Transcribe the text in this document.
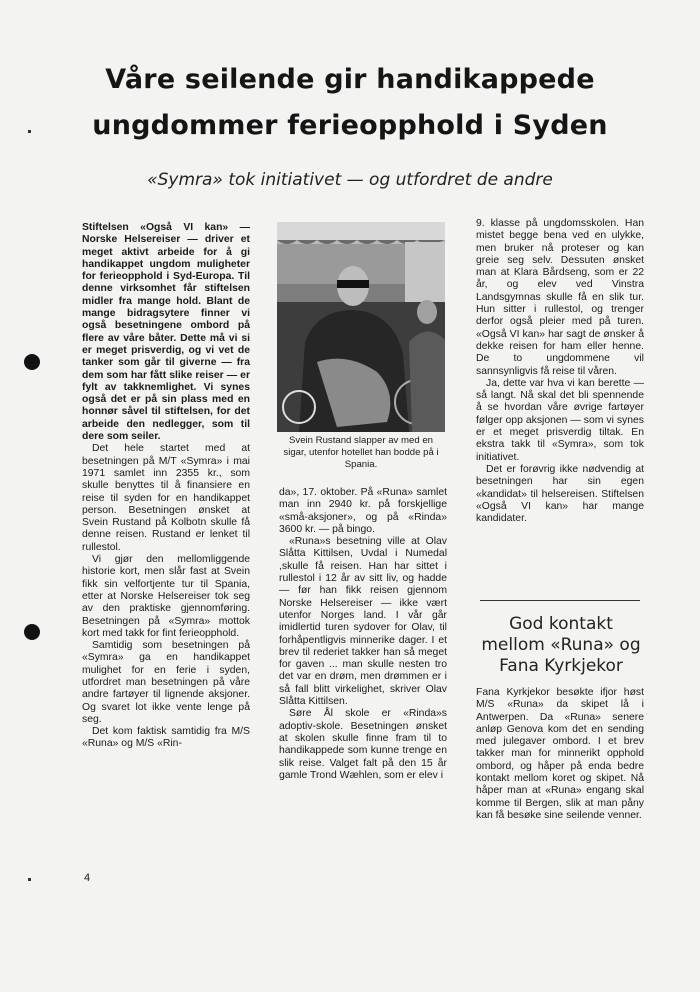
Våre seilende gir handikappede
ungdommer ferieopphold i Syden
«Symra» tok initiativet — og utfordret de andre

Stiftelsen «Også VI kan» — Norske Helsereiser — driver et meget aktivt arbeide for å gi handikappet ungdom muligheter for ferieopphold i Syd-Europa. Til denne virksomhet får stiftelsen midler fra mange hold. Blant de mange bidragsytere finner vi også besetningene ombord på flere av våre båter. Dette må vi si er meget prisverdig, og vi vet de tanker som går til giverne — fra dem som har fått slike reiser — er fylt av takknemlighet. Vi synes også det er på sin plass med en honnør såvel til stiftelsen, for det arbeide den nedlegger, som til dere som seiler.

Det hele startet med at besetningen på M/T «Symra» i mai 1971 samlet inn 2355 kr., som skulle benyttes til å finansiere en reise til syden for en handikappet person. Besetningen ønsket at Svein Rustand på Kolbotn skulle få denne reisen. Rustand er lenket til rullestol.

Vi gjør den mellomliggende historie kort, men slår fast at Svein fikk sin velfortjente tur til Spania, etter at Norske Helsereiser tok seg av den praktiske gjennomføring. Besetningen på «Symra» mottok kort med takk for fint ferieopphold.

Samtidig som besetningen på «Symra» ga en handikappet mulighet for en ferie i syden, utfordret man besetningen på våre andre fartøyer til lignende aksjoner. Og svaret lot ikke vente lenge på seg.

Det kom faktisk samtidig fra M/S «Runa» og M/S «Rin-

Svein Rustand slapper av med en sigar, utenfor hotellet han bodde på i Spania.

da», 17. oktober. På «Runa» samlet man inn 2940 kr. på forskjellige «små-aksjoner», og på «Rinda» 3600 kr. — på bingo.

«Runa»s besetning ville at Olav Slåtta Kittilsen, Uvdal i Numedal ,skulle få reisen. Han har sittet i rullestol i 12 år av sitt liv, og hadde — før han fikk reisen gjennom Norske Helsereiser — ikke vært utenfor Norges land. I vår går imidlertid turen sydover for Olav, til forhåpentligvis minnerike dager. I et brev til rederiet takker han så meget for gaven ... man skulle nesten tro det var en drøm, men drømmen er i så fall blitt virkelighet, skriver Olav Slåtta Kittilsen.

Søre Ål skole er «Rinda»s adoptiv-skole. Besetningen ønsket at skolen skulle finne fram til to handikappede som kunne trenge en slik reise. Valget falt på den 15 år gamle Trond Wæhlen, som er elev i

9. klasse på ungdomsskolen. Han mistet begge bena ved en ulykke, men bruker nå proteser og kan greie seg selv. Dessuten ønsket man at Klara Bårdseng, som er 22 år, og elev ved Vinstra Landsgymnas skulle få en slik tur. Hun sitter i rullestol, og trenger derfor også pleier med på turen. «Også VI kan» har sagt de ønsker å dekke reisen for ham eller henne. De to ungdommene vil sannsynligvis få reise til våren.

Ja, dette var hva vi kan berette — så langt. Nå skal det bli spennende å se hvordan våre øvrige fartøyer følger opp aksjonen — som vi synes er et meget prisverdig tiltak. En ekstra takk til «Symra», som tok initiativet.

Det er forøvrig ikke nødvendig at besetningen har sin egen «kandidat» til helsereisen. Stiftelsen «Også VI kan» har mange kandidater.

God kontakt mellom «Runa» og Fana Kyrkjekor

Fana Kyrkjekor besøkte ifjor høst M/S «Runa» da skipet lå i Antwerpen. Da «Runa» senere anløp Genova kom det en sending med julegaver ombord. I et brev takker man for minnerikt opphold ombord, og håper på enda bedre kontakt mellom koret og skipet. Nå håper man at «Runa» engang skal komme til Bergen, slik at man påny kan få besøke sine seilende venner.

4
